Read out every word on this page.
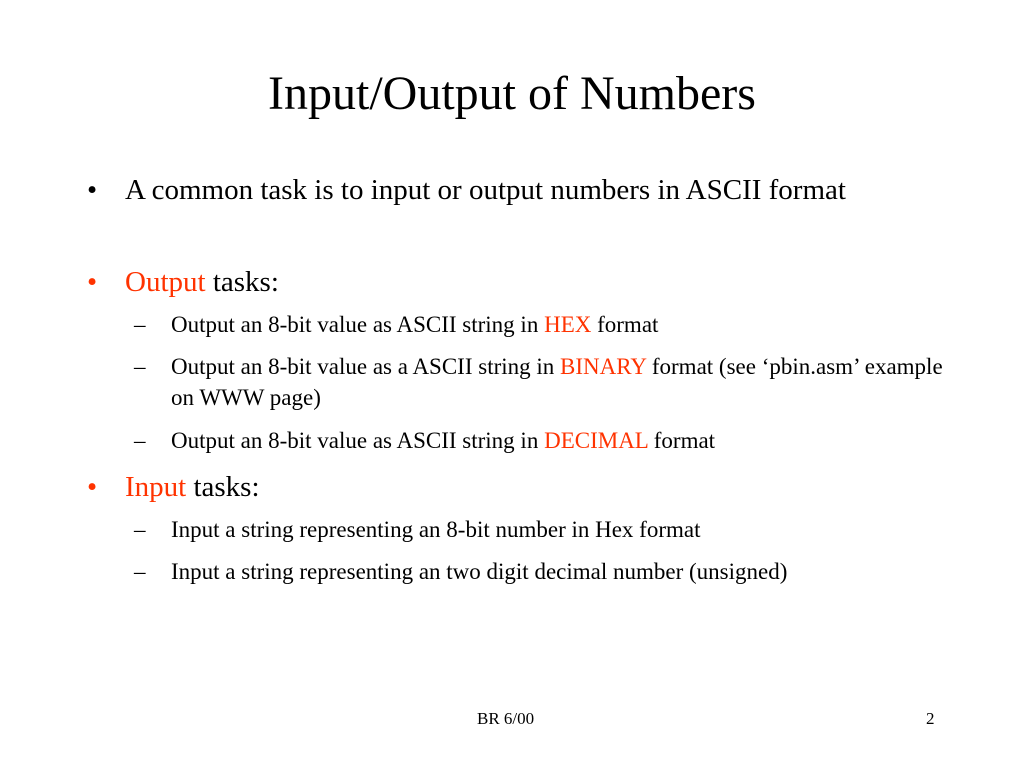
Input/Output of Numbers
• A common task is to input or output numbers in ASCII format
• Output tasks:
– Output an 8-bit value as ASCII string in HEX format
– Output an 8-bit value as a ASCII string in BINARY format (see ‘pbin.asm’ example on WWW page)
– Output an 8-bit value as ASCII string in DECIMAL format
• Input tasks:
– Input a string representing an 8-bit number in Hex format
– Input a string representing an two digit decimal number (unsigned)
BR 6/00	2
